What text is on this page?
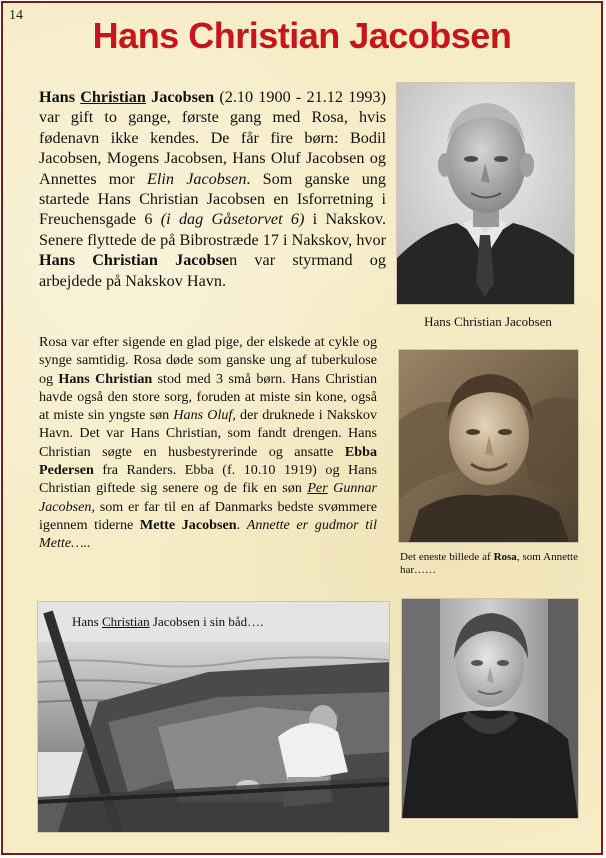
14	Hans Christian Jacobsen
Hans Christian Jacobsen (2.10 1900 - 21.12 1993) var gift to gange, første gang med Rosa, hvis fødenavn ikke kendes. De får fire børn: Bodil Jacobsen, Mogens Jacobsen, Hans Oluf Jacobsen og Annettes mor Elin Jacobsen. Som ganske ung startede Hans Christian Jacobsen en Isforretning i Freuchensgade 6 (i dag Gåsetorvet 6) i Nakskov. Senere flyttede de på Bibrostræde 17 i Nakskov, hvor Hans Christian Jacobsen var styrmand og arbejdede på Nakskov Havn.
Rosa var efter sigende en glad pige, der elskede at cykle og synge samtidig. Rosa døde som ganske ung af tuberkulose og Hans Christian stod med 3 små børn. Hans Christian havde også den store sorg, foruden at miste sin kone, også at miste sin yngste søn Hans Oluf, der druknede i Nakskov Havn. Det var Hans Christian, som fandt drengen. Hans Christian søgte en husbestyrerinde og ansatte Ebba Pedersen fra Randers. Ebba (f. 10.10 1919) og Hans Christian giftede sig senere og de fik en søn Per Gunnar Jacobsen, som er far til en af Danmarks bedste svømmere igennem tiderne Mette Jacobsen. Annette er gudmor til Mette…..
Hans Christian Jacobsen
Det eneste billede af Rosa, som Annette har……
Hans Christian Jacobsen i sin båd….
